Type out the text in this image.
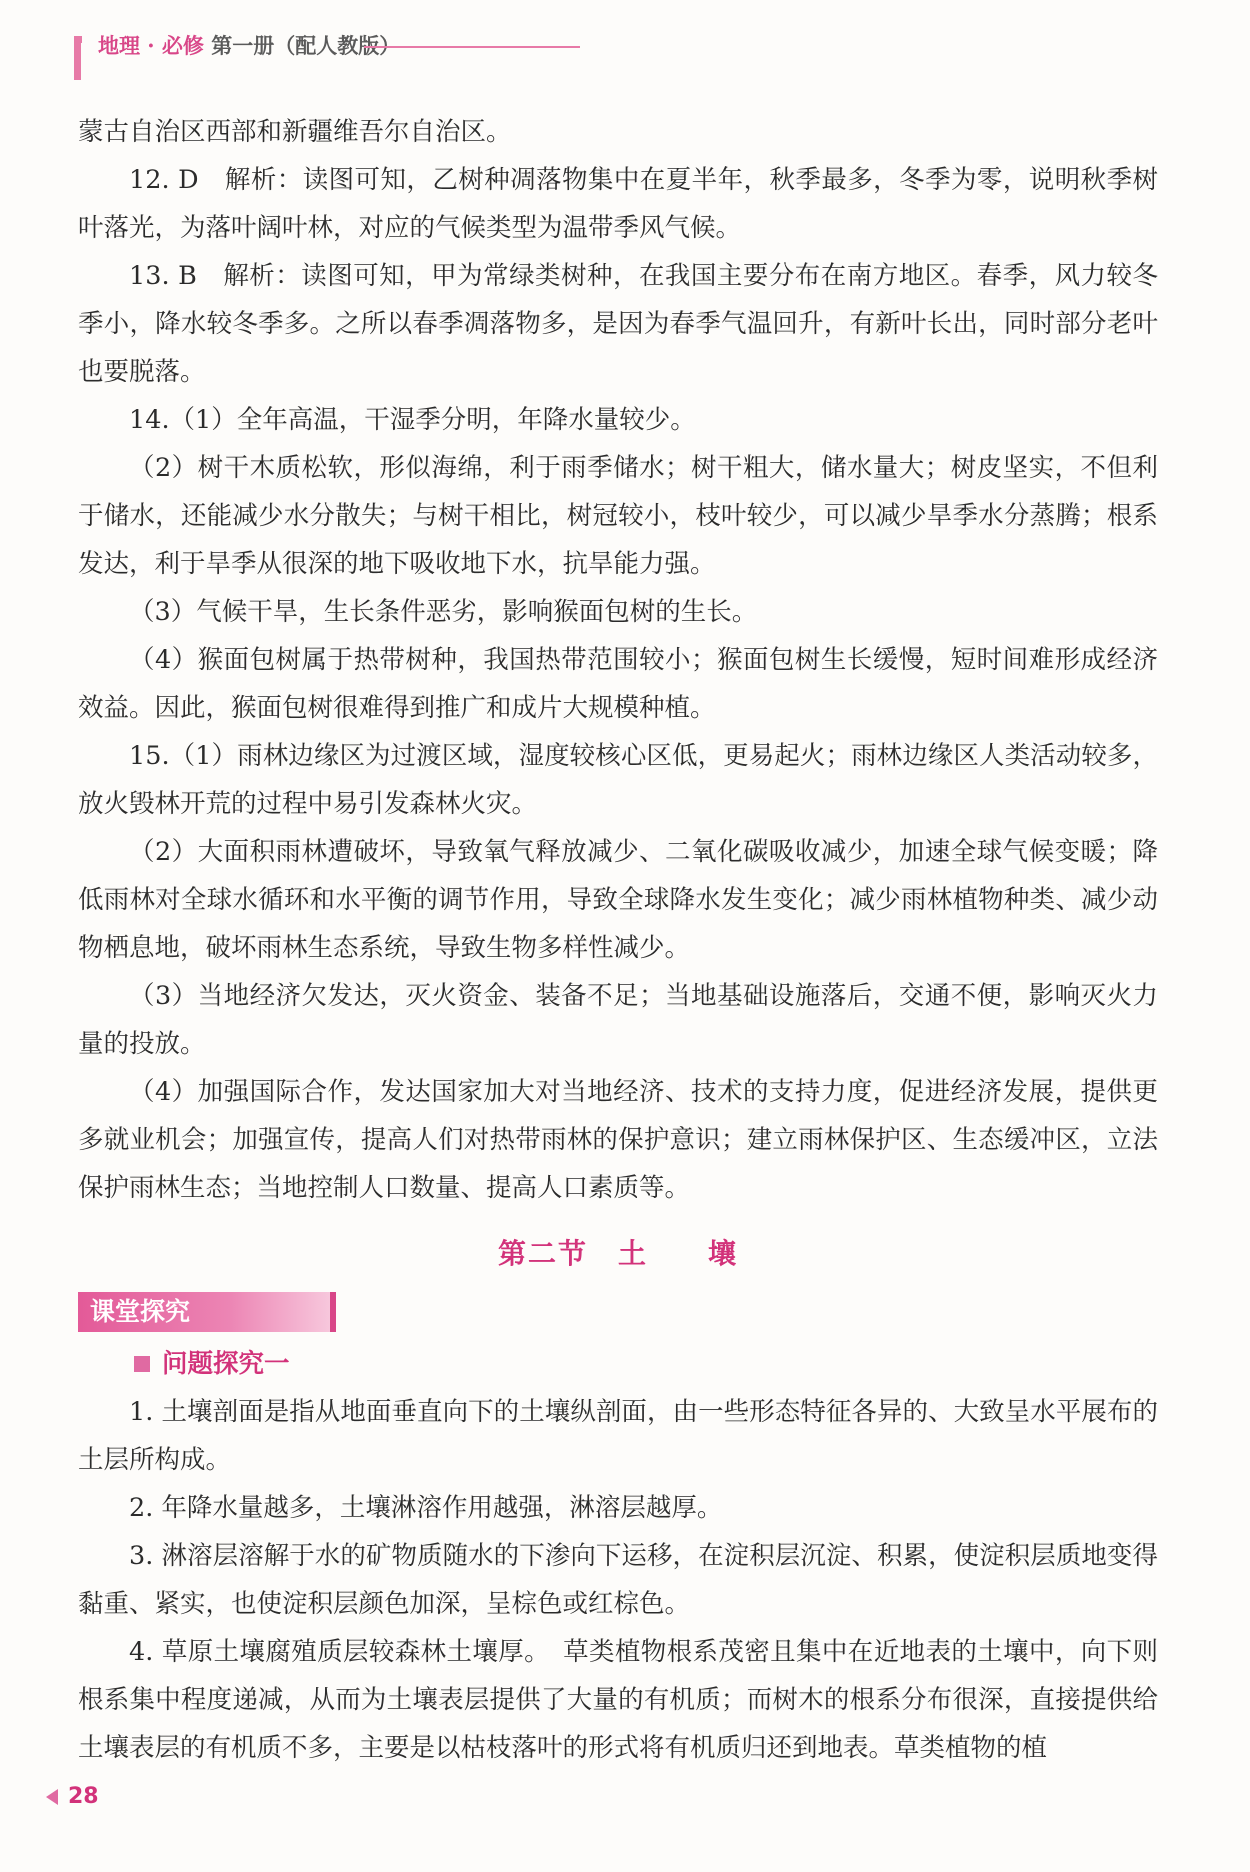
地理 · 必修 第一册（配人教版）

蒙古自治区西部和新疆维吾尔自治区。

12. D　解析：读图可知，乙树种凋落物集中在夏半年，秋季最多，冬季为零，说明秋季树叶落光，为落叶阔叶林，对应的气候类型为温带季风气候。

13. B　解析：读图可知，甲为常绿类树种，在我国主要分布在南方地区。春季，风力较冬季小，降水较冬季多。之所以春季凋落物多，是因为春季气温回升，有新叶长出，同时部分老叶也要脱落。

14.（1）全年高温，干湿季分明，年降水量较少。

（2）树干木质松软，形似海绵，利于雨季储水；树干粗大，储水量大；树皮坚实，不但利于储水，还能减少水分散失；与树干相比，树冠较小，枝叶较少，可以减少旱季水分蒸腾；根系发达，利于旱季从很深的地下吸收地下水，抗旱能力强。

（3）气候干旱，生长条件恶劣，影响猴面包树的生长。

（4）猴面包树属于热带树种，我国热带范围较小；猴面包树生长缓慢，短时间难形成经济效益。因此，猴面包树很难得到推广和成片大规模种植。

15.（1）雨林边缘区为过渡区域，湿度较核心区低，更易起火；雨林边缘区人类活动较多，放火毁林开荒的过程中易引发森林火灾。

（2）大面积雨林遭破坏，导致氧气释放减少、二氧化碳吸收减少，加速全球气候变暖；降低雨林对全球水循环和水平衡的调节作用，导致全球降水发生变化；减少雨林植物种类、减少动物栖息地，破坏雨林生态系统，导致生物多样性减少。

（3）当地经济欠发达，灭火资金、装备不足；当地基础设施落后，交通不便，影响灭火力量的投放。

（4）加强国际合作，发达国家加大对当地经济、技术的支持力度，促进经济发展，提供更多就业机会；加强宣传，提高人们对热带雨林的保护意识；建立雨林保护区、生态缓冲区，立法保护雨林生态；当地控制人口数量、提高人口素质等。

第二节　土　　壤
课堂探究
问题探究一

1. 土壤剖面是指从地面垂直向下的土壤纵剖面，由一些形态特征各异的、大致呈水平展布的土层所构成。

2. 年降水量越多，土壤淋溶作用越强，淋溶层越厚。

3. 淋溶层溶解于水的矿物质随水的下渗向下运移，在淀积层沉淀、积累，使淀积层质地变得黏重、紧实，也使淀积层颜色加深，呈棕色或红棕色。

4. 草原土壤腐殖质层较森林土壤厚。　草类植物根系茂密且集中在近地表的土壤中，向下则根系集中程度递减，从而为土壤表层提供了大量的有机质；而树木的根系分布很深，直接提供给土壤表层的有机质不多，主要是以枯枝落叶的形式将有机质归还到地表。草类植物的植

28
